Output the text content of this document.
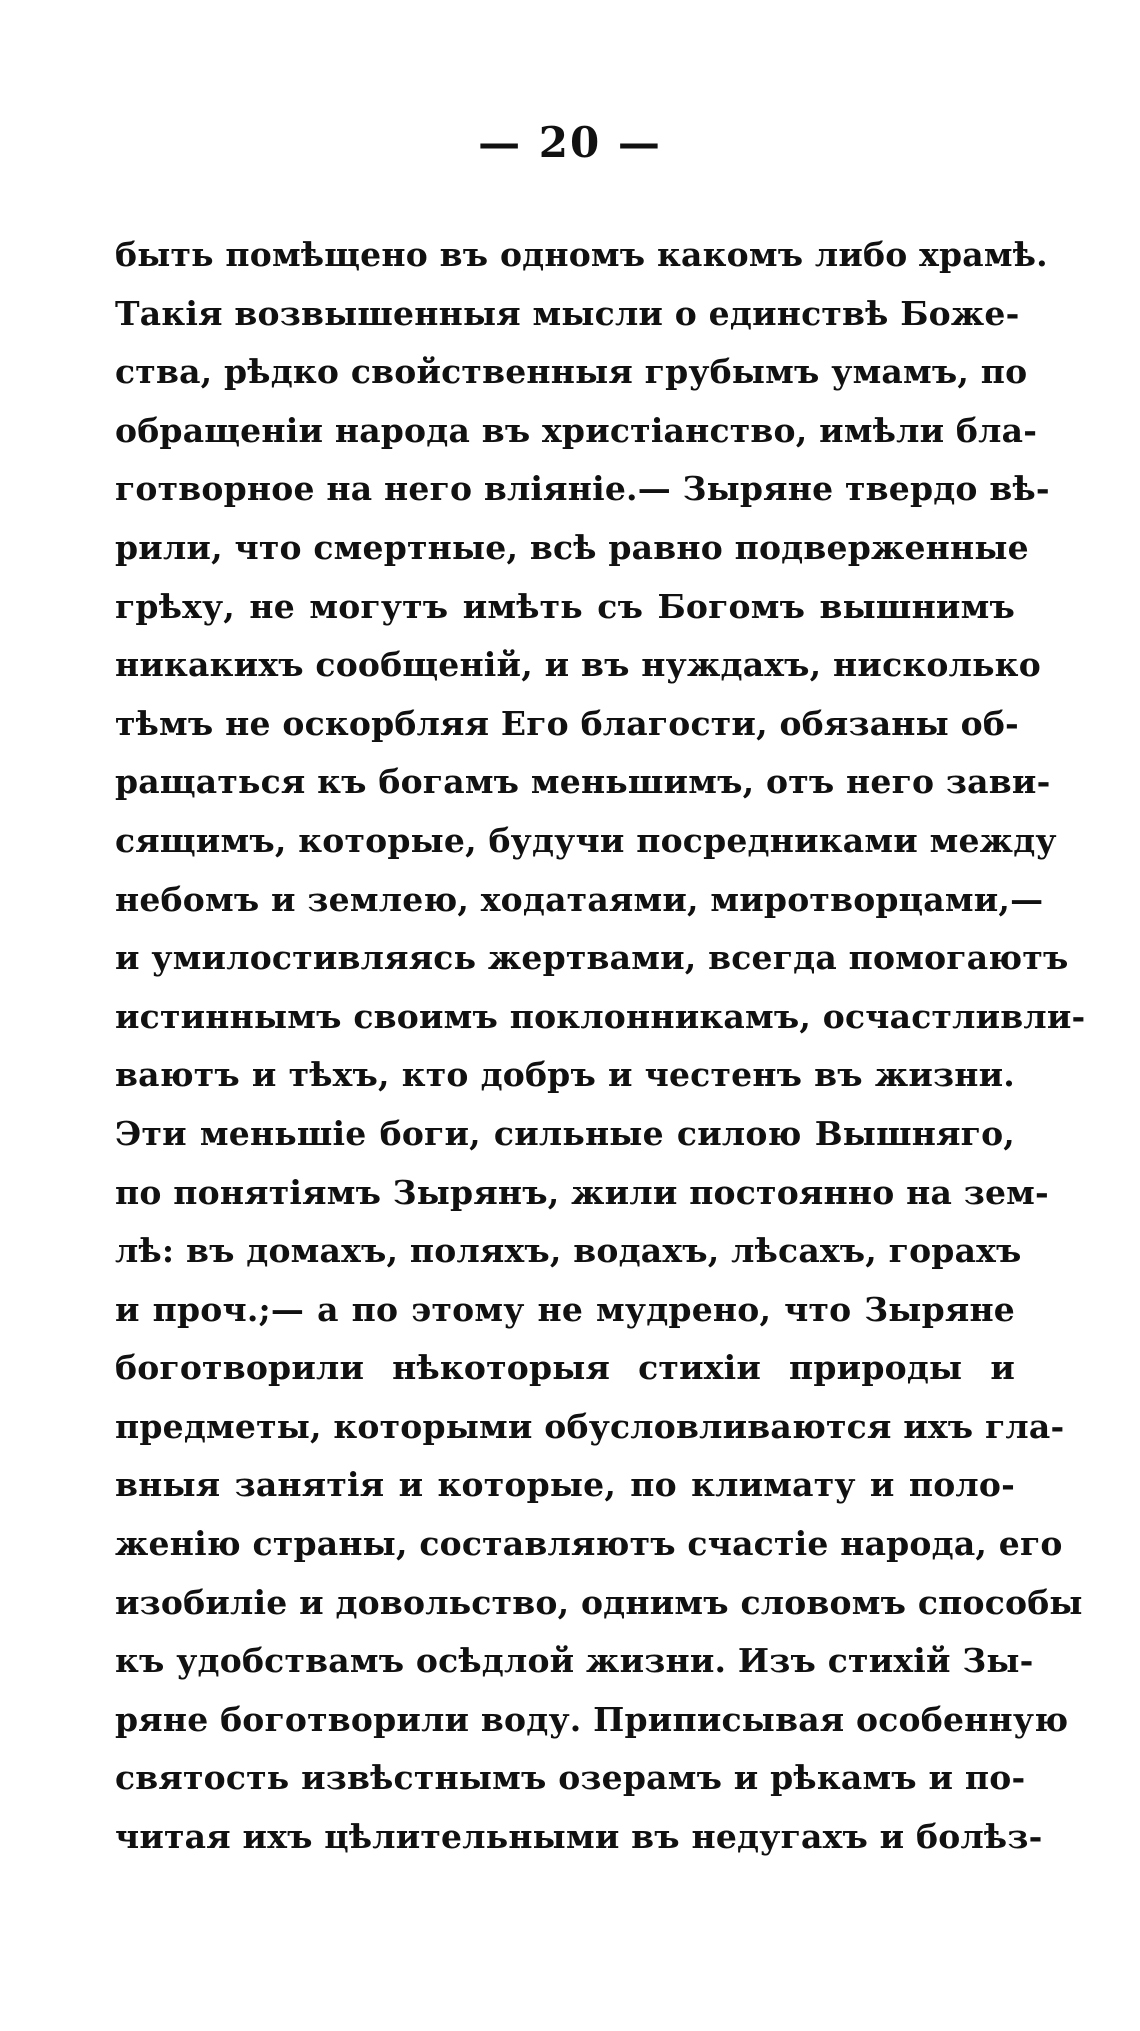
— 20 —
быть помѣщено въ одномъ какомъ либо храмѣ.
Такія возвышенныя мысли о единствѣ Боже-
ства, рѣдко свойственныя грубымъ умамъ, по
обращеніи народа въ христіанство, имѣли бла-
готворное на него вліяніе.— Зыряне твердо вѣ-
рили, что смертные, всѣ равно подверженные
грѣху, не могутъ имѣть съ Богомъ вышнимъ
никакихъ сообщеній, и въ нуждахъ, нисколько
тѣмъ не оскорбляя Его благости, обязаны об-
ращаться къ богамъ меньшимъ, отъ него зави-
сящимъ, которые, будучи посредниками между
небомъ и землею, ходатаями, миротворцами,—
и умилостивляясь жертвами, всегда помогаютъ
истиннымъ своимъ поклонникамъ, осчастливли-
ваютъ и тѣхъ, кто добръ и честенъ въ жизни.
Эти меньшіе боги, сильные силою Вышняго,
по понятіямъ Зырянъ, жили постоянно на зем-
лѣ: въ домахъ, поляхъ, водахъ, лѣсахъ, горахъ
и проч.;— а по этому не мудрено, что Зыряне
боготворили нѣкоторыя стихіи природы и
предметы, которыми обусловливаются ихъ гла-
вныя занятія и которые, по климату и поло-
женію страны, составляютъ счастіе народа, его
изобиліе и довольство, однимъ словомъ способы
къ удобствамъ осѣдлой жизни. Изъ стихій Зы-
ряне боготворили воду. Приписывая особенную
святость извѣстнымъ озерамъ и рѣкамъ и по-
читая ихъ цѣлительными въ недугахъ и болѣз-
